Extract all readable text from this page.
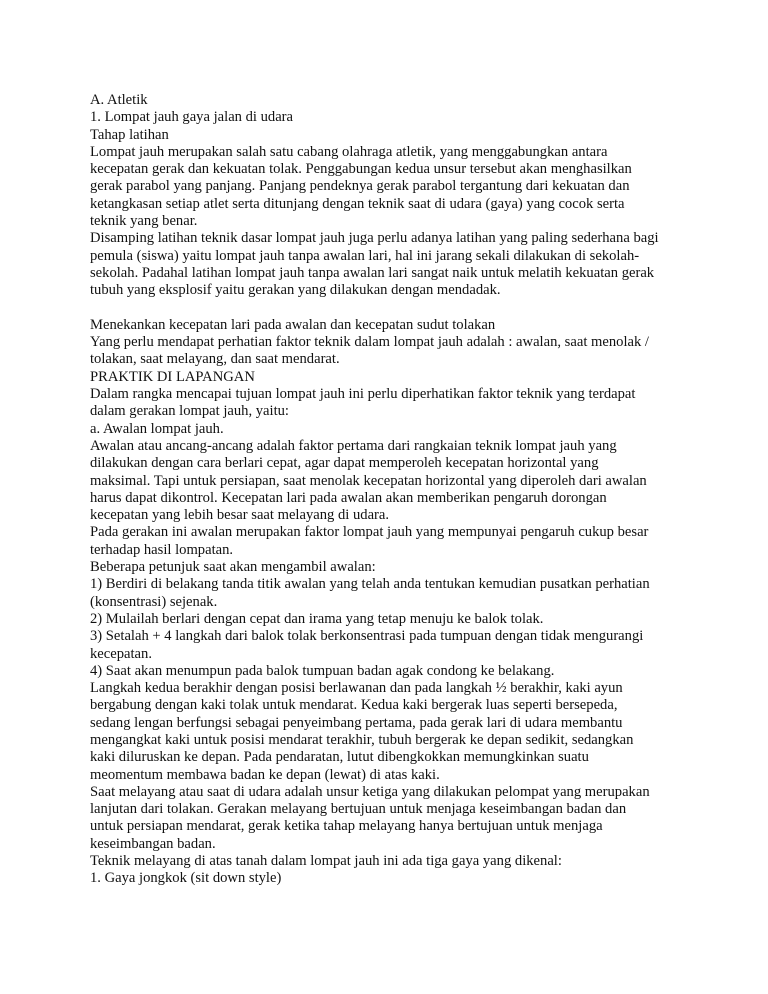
A. Atletik
1. Lompat jauh gaya jalan di udara
Tahap latihan
Lompat jauh merupakan salah satu cabang olahraga atletik, yang menggabungkan antara
kecepatan gerak dan kekuatan tolak. Penggabungan kedua unsur tersebut akan menghasilkan
gerak parabol yang panjang. Panjang pendeknya gerak parabol tergantung dari kekuatan dan
ketangkasan setiap atlet serta ditunjang dengan teknik saat di udara (gaya) yang cocok serta
teknik yang benar.
Disamping latihan teknik dasar lompat jauh juga perlu adanya latihan yang paling sederhana bagi
pemula (siswa) yaitu lompat jauh tanpa awalan lari, hal ini jarang sekali dilakukan di sekolah-
sekolah. Padahal latihan lompat jauh tanpa awalan lari sangat naik untuk melatih kekuatan gerak
tubuh yang eksplosif yaitu gerakan yang dilakukan dengan mendadak.
Menekankan kecepatan lari pada awalan dan kecepatan sudut tolakan
Yang perlu mendapat perhatian faktor teknik dalam lompat jauh adalah : awalan, saat menolak /
tolakan, saat melayang, dan saat mendarat.
PRAKTIK DI LAPANGAN
Dalam rangka mencapai tujuan lompat jauh ini perlu diperhatikan faktor teknik yang terdapat
dalam gerakan lompat jauh, yaitu:
a. Awalan lompat jauh.
Awalan atau ancang-ancang adalah faktor pertama dari rangkaian teknik lompat jauh yang
dilakukan dengan cara berlari cepat, agar dapat memperoleh kecepatan horizontal yang
maksimal. Tapi untuk persiapan, saat menolak kecepatan horizontal yang diperoleh dari awalan
harus dapat dikontrol. Kecepatan lari pada awalan akan memberikan pengaruh dorongan
kecepatan yang lebih besar saat melayang di udara.
Pada gerakan ini awalan merupakan faktor lompat jauh yang mempunyai pengaruh cukup besar
terhadap hasil lompatan.
Beberapa petunjuk saat akan mengambil awalan:
1) Berdiri di belakang tanda titik awalan yang telah anda tentukan kemudian pusatkan perhatian
(konsentrasi) sejenak.
2) Mulailah berlari dengan cepat dan irama yang tetap menuju ke balok tolak.
3) Setalah + 4 langkah dari balok tolak berkonsentrasi pada tumpuan dengan tidak mengurangi
kecepatan.
4) Saat akan menumpun pada balok tumpuan badan agak condong ke belakang.
Langkah kedua berakhir dengan posisi berlawanan dan pada langkah ½ berakhir, kaki ayun
bergabung dengan kaki tolak untuk mendarat. Kedua kaki bergerak luas seperti bersepeda,
sedang lengan berfungsi sebagai penyeimbang pertama, pada gerak lari di udara membantu
mengangkat kaki untuk posisi mendarat terakhir, tubuh bergerak ke depan sedikit, sedangkan
kaki diluruskan ke depan. Pada pendaratan, lutut dibengkokkan memungkinkan suatu
meomentum membawa badan ke depan (lewat) di atas kaki.
Saat melayang atau saat di udara adalah unsur ketiga yang dilakukan pelompat yang merupakan
lanjutan dari tolakan. Gerakan melayang bertujuan untuk menjaga keseimbangan badan dan
untuk persiapan mendarat, gerak ketika tahap melayang hanya bertujuan untuk menjaga
keseimbangan badan.
Teknik melayang di atas tanah dalam lompat jauh ini ada tiga gaya yang dikenal:
1. Gaya jongkok (sit down style)
